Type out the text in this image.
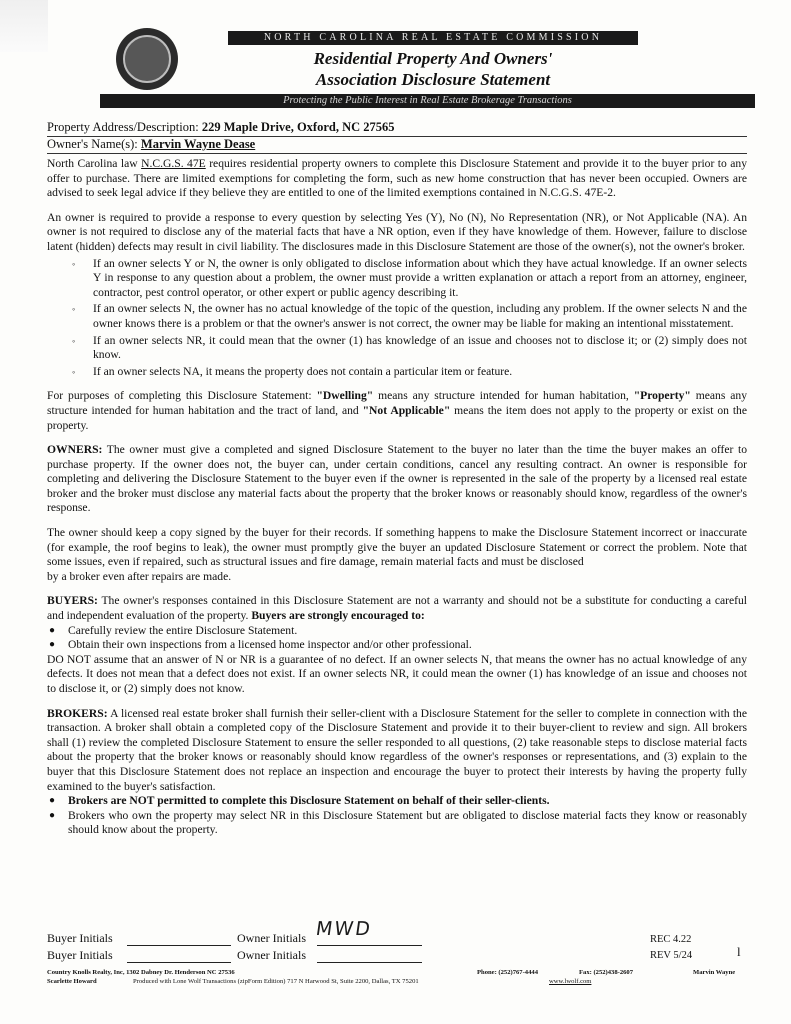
NORTH CAROLINA REAL ESTATE COMMISSION
Residential Property And Owners'
Association Disclosure Statement
Protecting the Public Interest in Real Estate Brokerage Transactions
Property Address/Description: 229 Maple Drive, Oxford, NC 27565
Owner's Name(s): Marvin Wayne Dease

North Carolina law N.C.G.S. 47E requires residential property owners to complete this Disclosure Statement and provide it to the buyer prior to any offer to purchase. There are limited exemptions for completing the form, such as new home construction that has never been occupied. Owners are advised to seek legal advice if they believe they are entitled to one of the limited exemptions contained in N.C.G.S. 47E-2.

An owner is required to provide a response to every question by selecting Yes (Y), No (N), No Representation (NR), or Not Applicable (NA). An owner is not required to disclose any of the material facts that have a NR option, even if they have knowledge of them. However, failure to disclose latent (hidden) defects may result in civil liability. The disclosures made in this Disclosure Statement are those of the owner(s), not the owner's broker.

◦ If an owner selects Y or N, the owner is only obligated to disclose information about which they have actual knowledge. If an owner selects Y in response to any question about a problem, the owner must provide a written explanation or attach a report from an attorney, engineer, contractor, pest control operator, or other expert or public agency describing it.
◦ If an owner selects N, the owner has no actual knowledge of the topic of the question, including any problem. If the owner selects N and the owner knows there is a problem or that the owner's answer is not correct, the owner may be liable for making an intentional misstatement.
◦ If an owner selects NR, it could mean that the owner (1) has knowledge of an issue and chooses not to disclose it; or (2) simply does not know.
◦ If an owner selects NA, it means the property does not contain a particular item or feature.

For purposes of completing this Disclosure Statement: "Dwelling" means any structure intended for human habitation, "Property" means any structure intended for human habitation and the tract of land, and "Not Applicable" means the item does not apply to the property or exist on the property.

OWNERS: The owner must give a completed and signed Disclosure Statement to the buyer no later than the time the buyer makes an offer to purchase property. If the owner does not, the buyer can, under certain conditions, cancel any resulting contract. An owner is responsible for completing and delivering the Disclosure Statement to the buyer even if the owner is represented in the sale of the property by a licensed real estate broker and the broker must disclose any material facts about the property that the broker knows or reasonably should know, regardless of the owner's response.

The owner should keep a copy signed by the buyer for their records. If something happens to make the Disclosure Statement incorrect or inaccurate (for example, the roof begins to leak), the owner must promptly give the buyer an updated Disclosure Statement or correct the problem. Note that some issues, even if repaired, such as structural issues and fire damage, remain material facts and must be disclosed
by a broker even after repairs are made.

BUYERS: The owner's responses contained in this Disclosure Statement are not a warranty and should not be a substitute for conducting a careful and independent evaluation of the property. Buyers are strongly encouraged to:

● Carefully review the entire Disclosure Statement.
● Obtain their own inspections from a licensed home inspector and/or other professional.

DO NOT assume that an answer of N or NR is a guarantee of no defect. If an owner selects N, that means the owner has no actual knowledge of any defects. It does not mean that a defect does not exist. If an owner selects NR, it could mean the owner (1) has knowledge of an issue and chooses not to disclose it, or (2) simply does not know.

BROKERS: A licensed real estate broker shall furnish their seller-client with a Disclosure Statement for the seller to complete in connection with the transaction. A broker shall obtain a completed copy of the Disclosure Statement and provide it to their buyer-client to review and sign. All brokers shall (1) review the completed Disclosure Statement to ensure the seller responded to all questions, (2) take reasonable steps to disclose material facts about the property that the broker knows or reasonably should know regardless of the owner's responses or representations, and (3) explain to the buyer that this Disclosure Statement does not replace an inspection and encourage the buyer to protect their interests by having the property fully examined to the buyer's satisfaction.

● Brokers are NOT permitted to complete this Disclosure Statement on behalf of their seller-clients.
● Brokers who own the property may select NR in this Disclosure Statement but are obligated to disclose material facts they know or reasonably should know about the property.
Buyer Initials	Owner Initials
Buyer Initials	Owner Initials
MWD	REC 4.22
REV 5/24	l
Country Knolls Realty, Inc, 1302 Dabney Dr. Henderson NC 27536	Phone: (252)767-4444	Fax: (252)438-2607	Marvin Wayne
Scarlette Howard	Produced with Lone Wolf Transactions (zipForm Edition) 717 N Harwood St, Suite 2200, Dallas, TX 75201	www.lwolf.com
